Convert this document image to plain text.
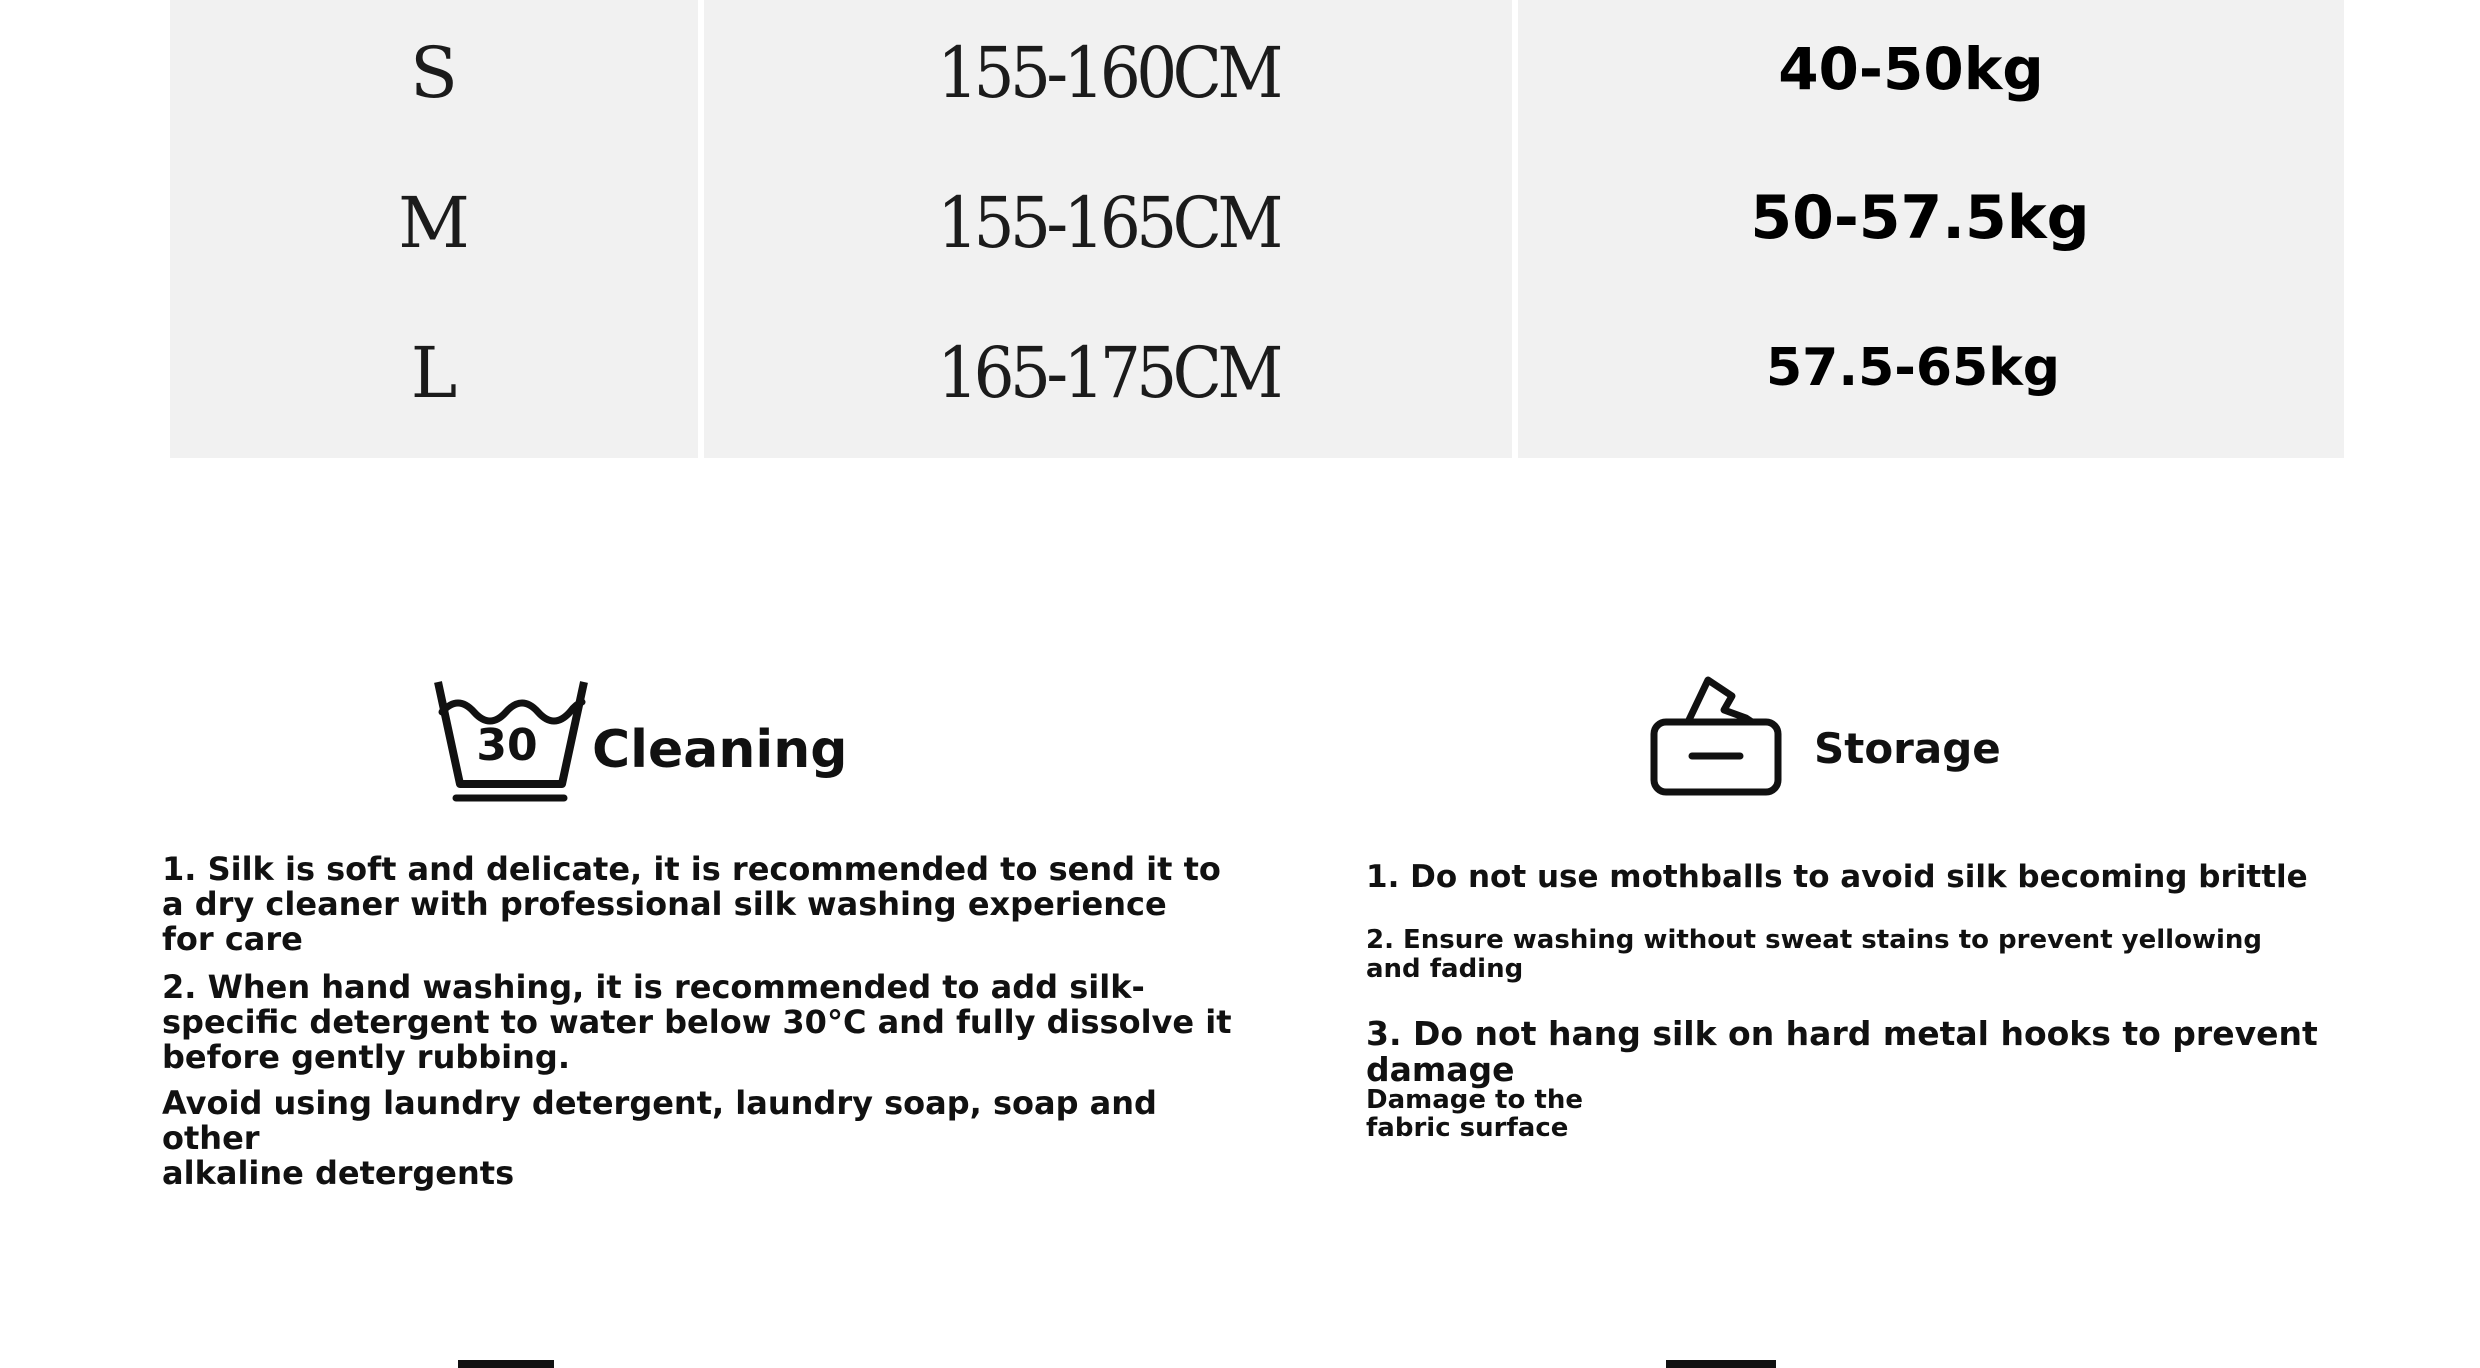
S
M
L
155-160CM
155-165CM
165-175CM
40-50kg
50-57.5kg
57.5-65kg
30 Cleaning

1. Silk is soft and delicate, it is recommended to send it to
a dry cleaner with professional silk washing experience
for care

2. When hand washing, it is recommended to add silk-
specific detergent to water below 30°C and fully dissolve it
before gently rubbing.

Avoid using laundry detergent, laundry soap, soap and other
alkaline detergents

Storage

1. Do not use mothballs to avoid silk becoming brittle

2. Ensure washing without sweat stains to prevent yellowing
and fading

3. Do not hang silk on hard metal hooks to prevent damage

Damage to the
fabric surface
